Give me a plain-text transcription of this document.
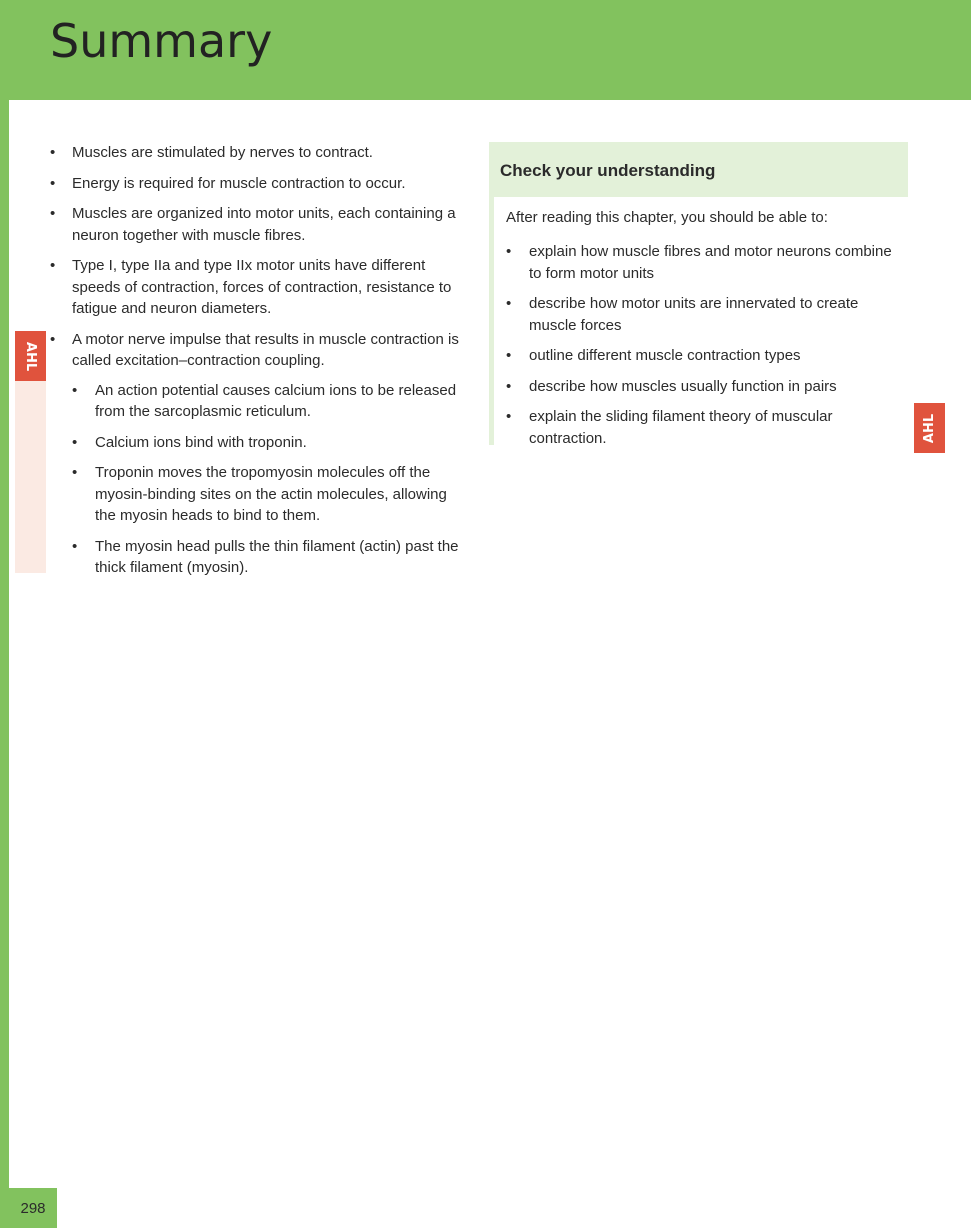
Summary
AHL
AHL
• Muscles are stimulated by nerves to contract.
• Energy is required for muscle contraction to occur.
• Muscles are organized into motor units, each containing a neuron together with muscle fibres.
• Type I, type IIa and type IIx motor units have different speeds of contraction, forces of contraction, resistance to fatigue and neuron diameters.
• A motor nerve impulse that results in muscle contraction is called excitation–contraction coupling.
• An action potential causes calcium ions to be released from the sarcoplasmic reticulum.
• Calcium ions bind with troponin.
• Troponin moves the tropomyosin molecules off the myosin-binding sites on the actin molecules, allowing the myosin heads to bind to them.
• The myosin head pulls the thin filament (actin) past the thick filament (myosin).
Check your understanding

After reading this chapter, you should be able to:

• explain how muscle fibres and motor neurons combine to form motor units
• describe how motor units are innervated to create muscle forces
• outline different muscle contraction types
• describe how muscles usually function in pairs
• explain the sliding filament theory of muscular contraction.
298
